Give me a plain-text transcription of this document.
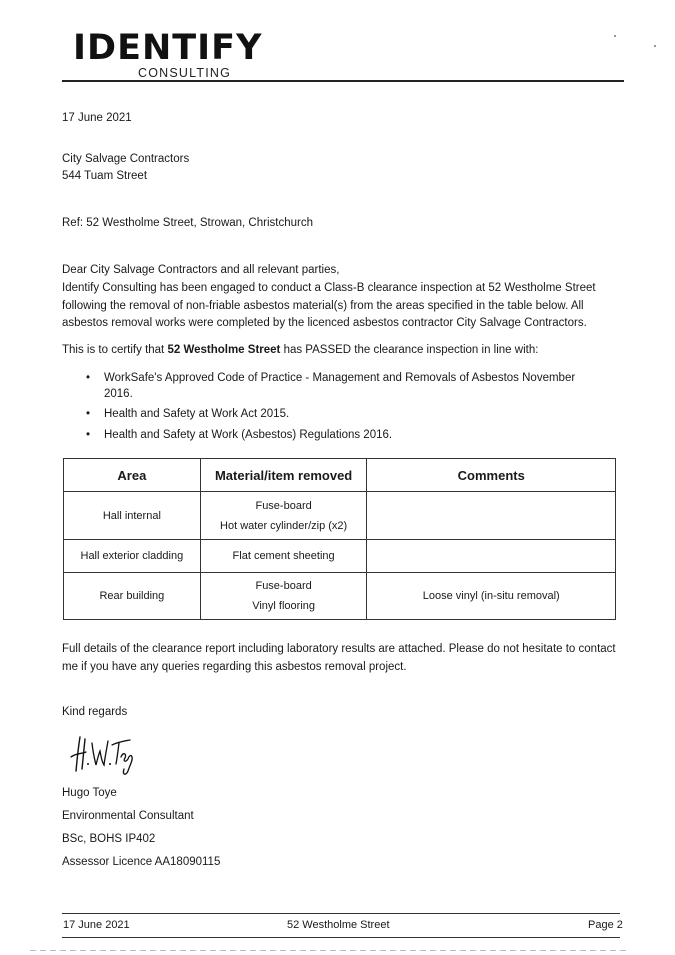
IDENTIFY
CONSULTING
17 June 2021
City Salvage Contractors
544 Tuam Street
Ref: 52 Westholme Street, Strowan, Christchurch
Dear City Salvage Contractors and all relevant parties,
Identify Consulting has been engaged to conduct a Class-B clearance inspection at 52 Westholme Street following the removal of non-friable asbestos material(s) from the areas specified in the table below. All asbestos removal works were completed by the licenced asbestos contractor City Salvage Contractors.
This is to certify that 52 Westholme Street has PASSED the clearance inspection in line with:
• WorkSafe's Approved Code of Practice - Management and Removals of Asbestos November 2016.
• Health and Safety at Work Act 2015.
• Health and Safety at Work (Asbestos) Regulations 2016.
Area	Material/item removed	Comments
Hall internal	Fuse-board
Hot water cylinder/zip (x2)	

Hall exterior cladding	Flat cement sheeting	

Rear building	Fuse-board
Vinyl flooring	Loose vinyl (in-situ removal)
Full details of the clearance report including laboratory results are attached. Please do not hesitate to contact me if you have any queries regarding this asbestos removal project.
Kind regards
Hugo Toye
Environmental Consultant
BSc, BOHS IP402
Assessor Licence AA18090115
17 June 2021	52 Westholme Street	Page 2
